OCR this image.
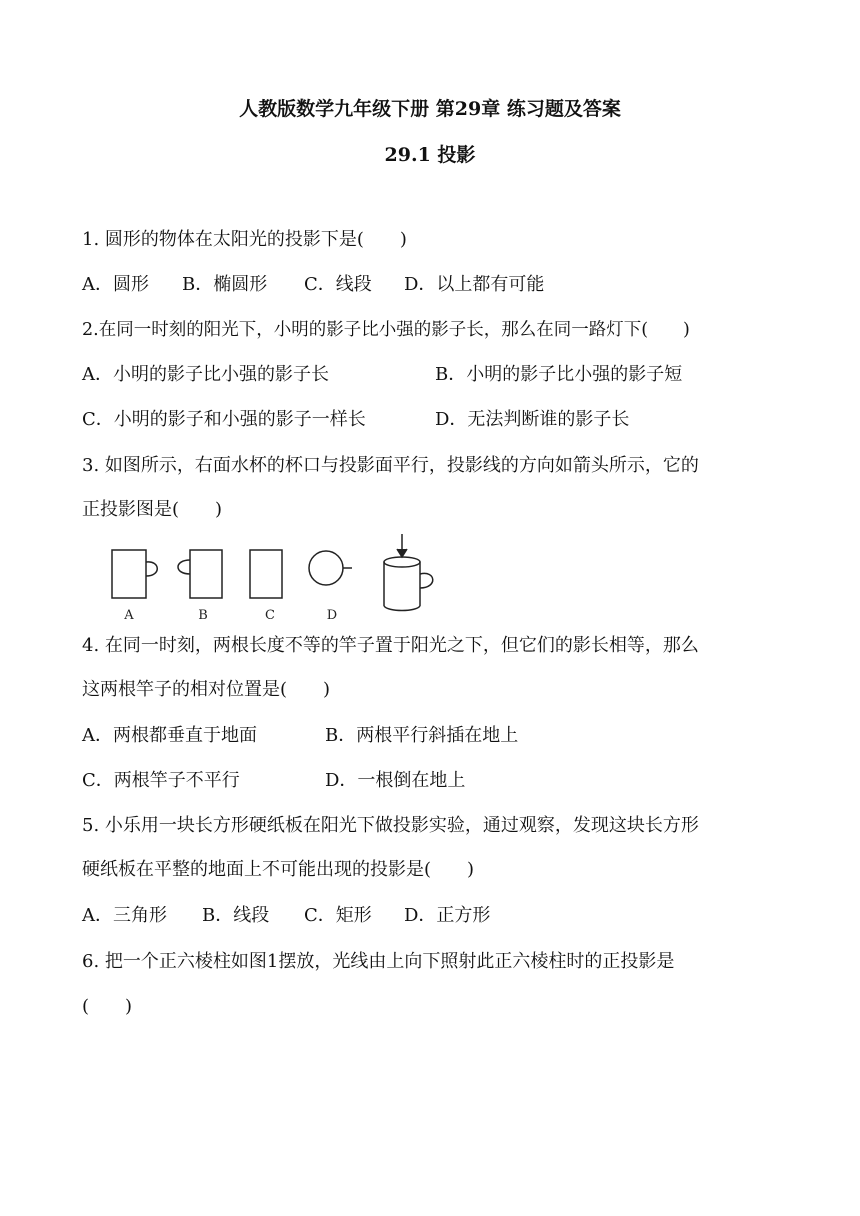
人教版数学九年级下册 第29章 练习题及答案
29.1 投影
1. 圆形的物体在太阳光的投影下是(　　)
A．圆形 B．椭圆形 C．线段 D．以上都有可能
2.在同一时刻的阳光下，小明的影子比小强的影子长，那么在同一路灯下(　　)
A．小明的影子比小强的影子长	B．小明的影子比小强的影子短
C．小明的影子和小强的影子一样长	D．无法判断谁的影子长
3. 如图所示，右面水杯的杯口与投影面平行，投影线的方向如箭头所示，它的
正投影图是(　　)
A	B	C	D
4. 在同一时刻，两根长度不等的竿子置于阳光之下，但它们的影长相等，那么
这两根竿子的相对位置是(　　)
A．两根都垂直于地面	B．两根平行斜插在地上
C．两根竿子不平行	D．一根倒在地上
5. 小乐用一块长方形硬纸板在阳光下做投影实验，通过观察，发现这块长方形
硬纸板在平整的地面上不可能出现的投影是(　　)
A．三角形 B．线段 C．矩形 D．正方形
6. 把一个正六棱柱如图1摆放，光线由上向下照射此正六棱柱时的正投影是
(　　)
